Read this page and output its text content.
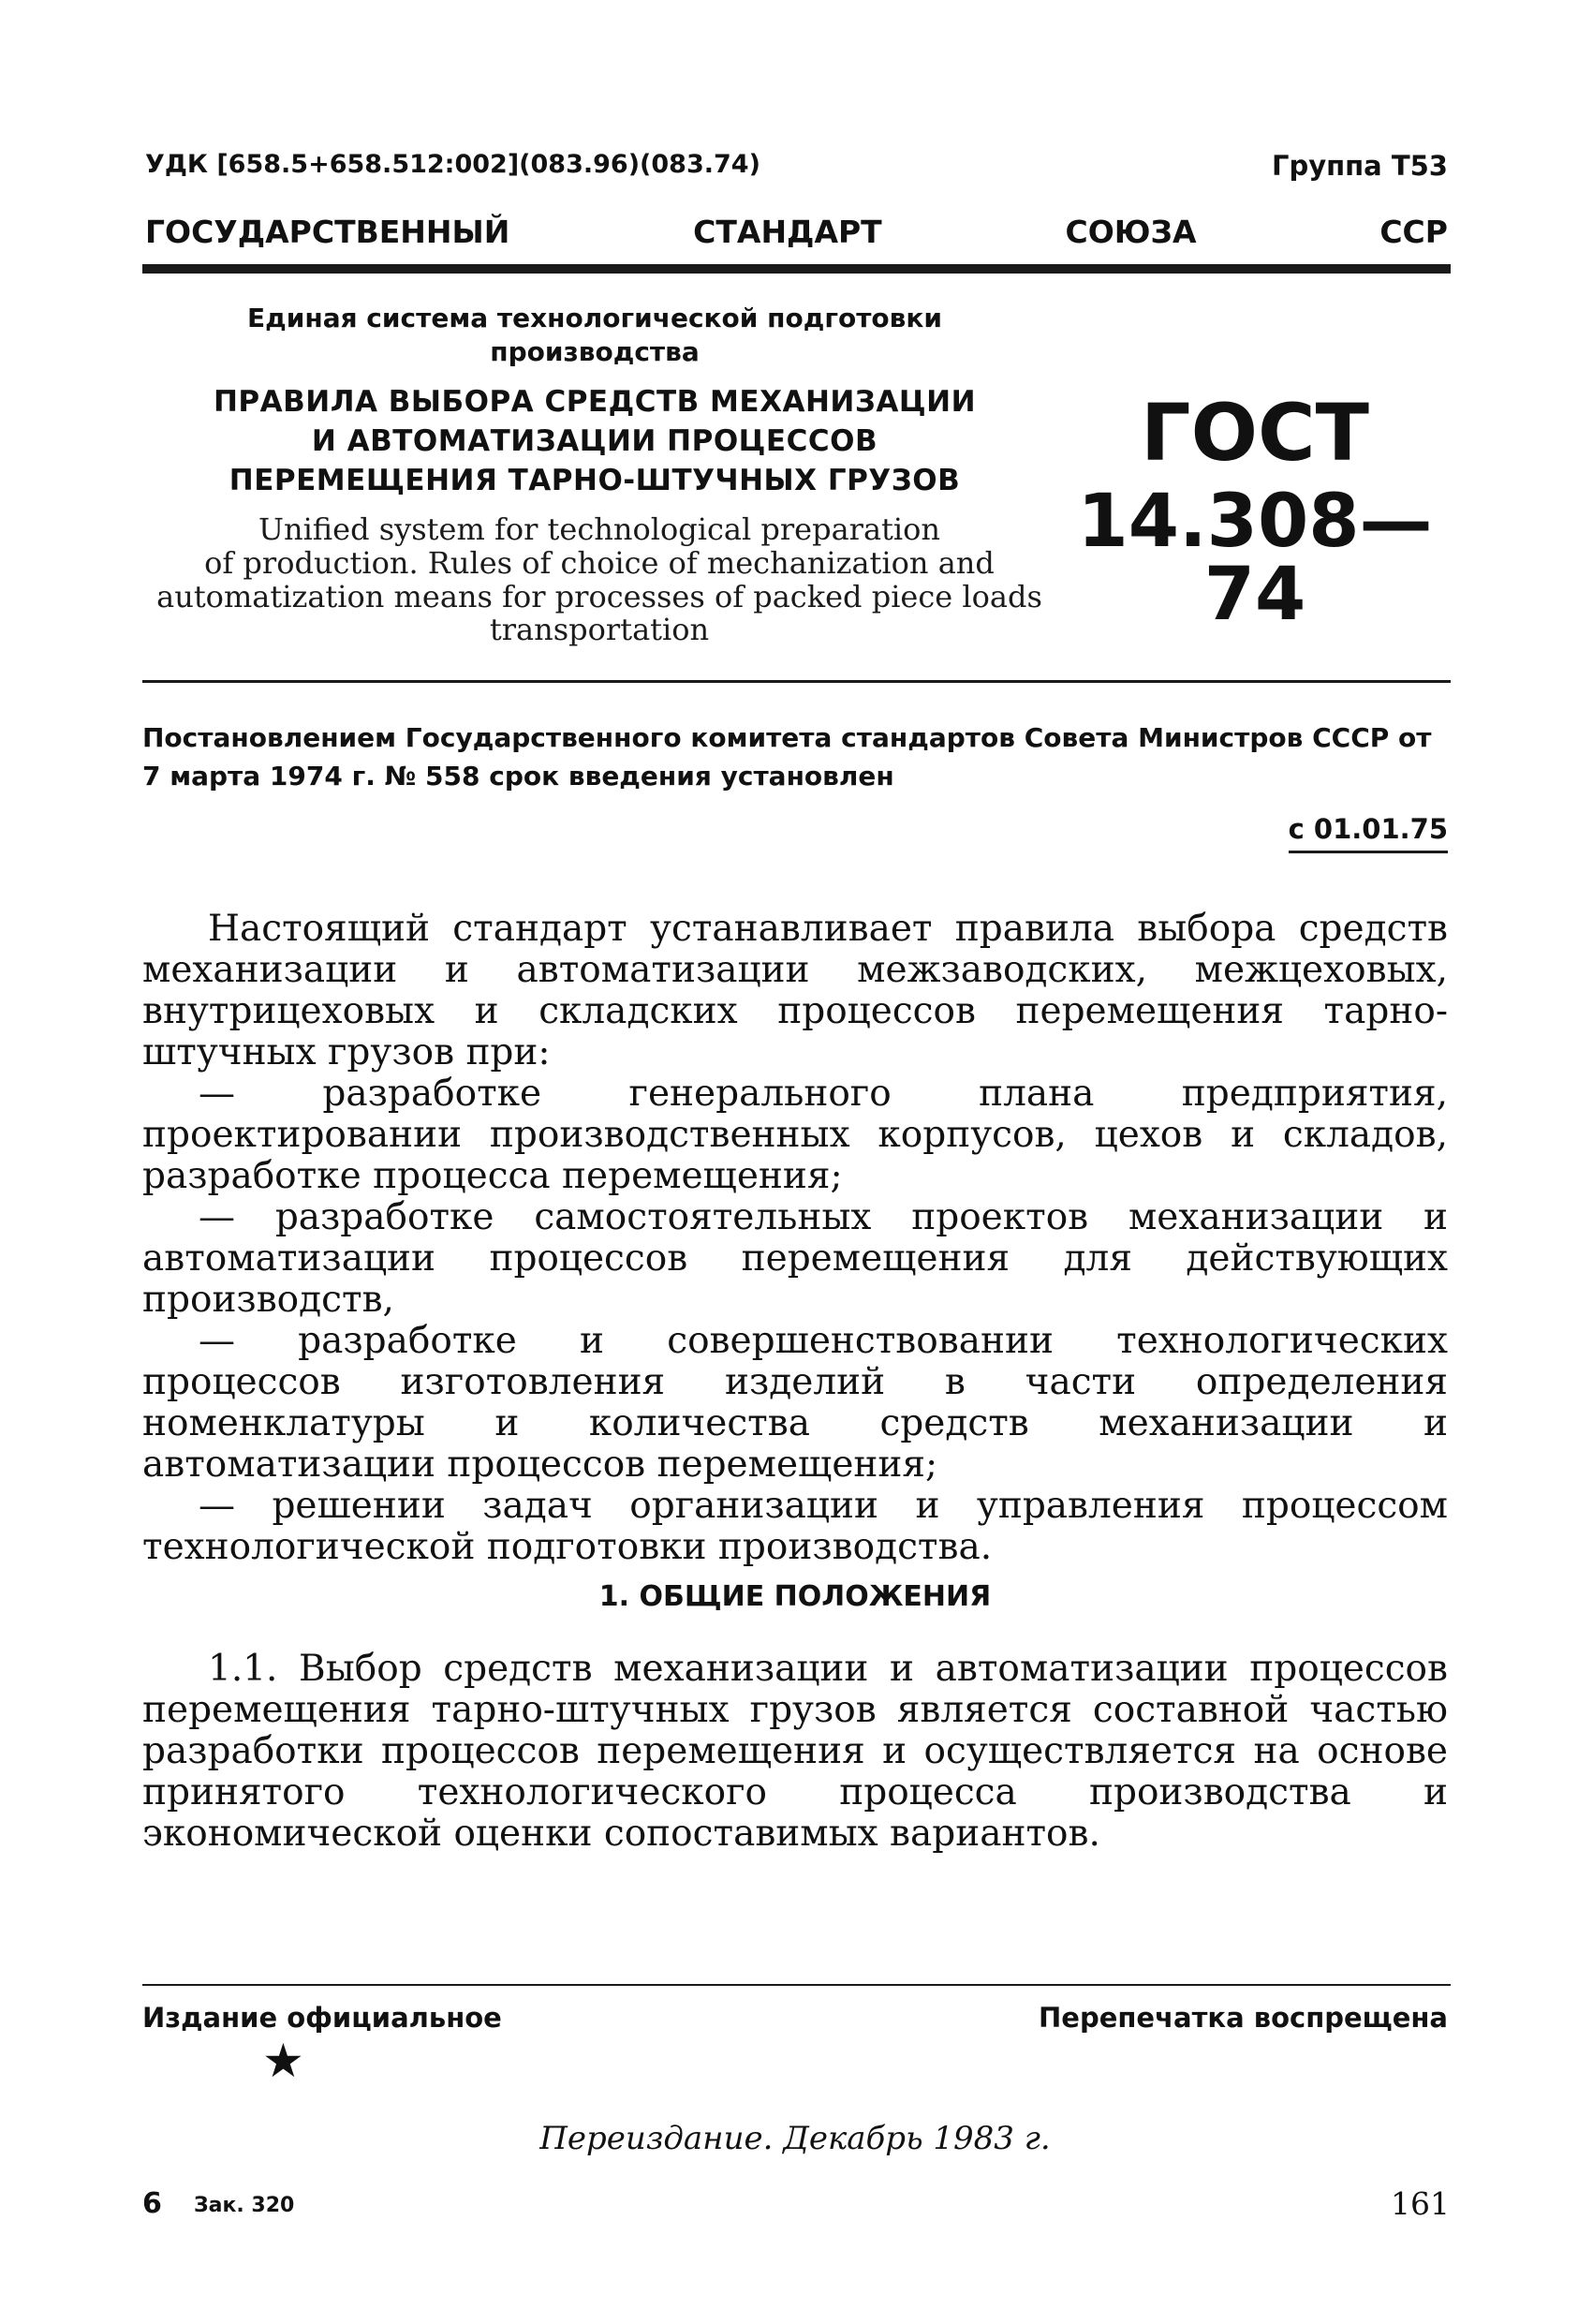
УДК [658.5+658.512:002](083.96)(083.74)	Группа Т53
ГОСУДАРСТВЕННЫЙ	СТАНДАРТ	СОЮЗА	ССР
Единая система технологической подготовки производства
ПРАВИЛА ВЫБОРА СРЕДСТВ МЕХАНИЗАЦИИ
И АВТОМАТИЗАЦИИ ПРОЦЕССОВ
ПЕРЕМЕЩЕНИЯ ТАРНО-ШТУЧНЫХ ГРУЗОВ
Unified system for technological preparation
of production. Rules of choice of mechanization and
automatization means for processes of packed piece loads
transportation
ГОСТ
14.308—74
Постановлением Государственного комитета стандартов Совета Министров СССР от 7 марта 1974 г. № 558 срок введения установлен
с 01.01.75

Настоящий стандарт устанавливает правила выбора средств механизации и автоматизации межзаводских, межцеховых, внутрицеховых и складских процессов перемещения тарно-штучных грузов при:

— разработке генерального плана предприятия, проектировании производственных корпусов, цехов и складов, разработке процесса перемещения;

— разработке самостоятельных проектов механизации и автоматизации процессов перемещения для действующих производств,

— разработке и совершенствовании технологических процессов изготовления изделий в части определения номенклатуры и количества средств механизации и автоматизации процессов перемещения;

— решении задач организации и управления процессом технологической подготовки производства.

1. ОБЩИЕ ПОЛОЖЕНИЯ

1.1. Выбор средств механизации и автоматизации процессов перемещения тарно-штучных грузов является составной частью разработки процессов перемещения и осуществляется на основе принятого технологического процесса производства и экономической оценки сопоставимых вариантов.

Издание официальное	Перепечатка воспрещена
★
Переиздание. Декабрь 1983 г.
6 Зак. 320	161
